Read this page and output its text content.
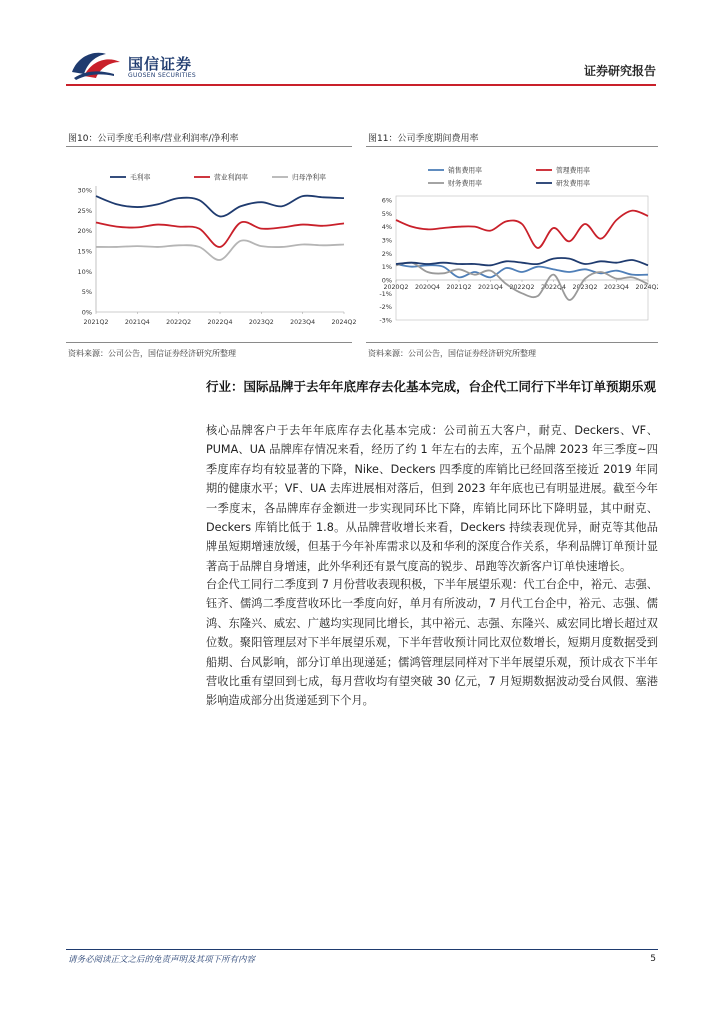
国信证券
GUOSEN SECURITIES	证券研究报告
图10：公司季度毛利率/营业利润率/净利率
0%
5%
10%
15%
20%
25%
30%
2021Q2	2021Q4	2022Q2	2022Q4	2023Q2	2023Q4	2024Q2
毛利率	营业利润率	归母净利率
资料来源：公司公告，国信证券经济研究所整理
图11：公司季度期间费用率
-3%
-2%
-1%
0%
1%
2%
3%
4%
5%
6%
2020Q2 2020Q4 2021Q2 2021Q4 2022Q2 2022Q4 2023Q2 2023Q4 2024Q2
销售费用率	管理费用率
财务费用率	研发费用率
资料来源：公司公告，国信证券经济研究所整理
行业：国际品牌于去年年底库存去化基本完成，台企代工同行下半年订单预期乐观
核心品牌客户于去年年底库存去化基本完成：公司前五大客户，耐克、Deckers、VF、PUMA、UA 品牌库存情况来看，经历了约 1 年左右的去库，五个品牌 2023 年三季度~四季度库存均有较显著的下降，Nike、Deckers 四季度的库销比已经回落至接近 2019 年同期的健康水平；VF、UA 去库进展相对落后，但到 2023 年年底也已有明显进展。截至今年一季度末，各品牌库存金额进一步实现同环比下降，库销比同环比下降明显，其中耐克、Deckers 库销比低于 1.8。从品牌营收增长来看，Deckers 持续表现优异，耐克等其他品牌虽短期增速放缓，但基于今年补库需求以及和华利的深度合作关系，华利品牌订单预计显著高于品牌自身增速，此外华利还有景气度高的锐步、昂跑等次新客户订单快速增长。
台企代工同行二季度到 7 月份营收表现积极，下半年展望乐观：代工台企中，裕元、志强、钰齐、儒鸿二季度营收环比一季度向好，单月有所波动，7 月代工台企中，裕元、志强、儒鸿、东隆兴、威宏、广越均实现同比增长，其中裕元、志强、东隆兴、威宏同比增长超过双位数。聚阳管理层对下半年展望乐观，下半年营收预计同比双位数增长，短期月度数据受到船期、台风影响，部分订单出现递延；儒鸿管理层同样对下半年展望乐观，预计成衣下半年营收比重有望回到七成，每月营收均有望突破 30 亿元，7 月短期数据波动受台风假、塞港影响造成部分出货递延到下个月。
请务必阅读正文之后的免责声明及其项下所有内容	5
